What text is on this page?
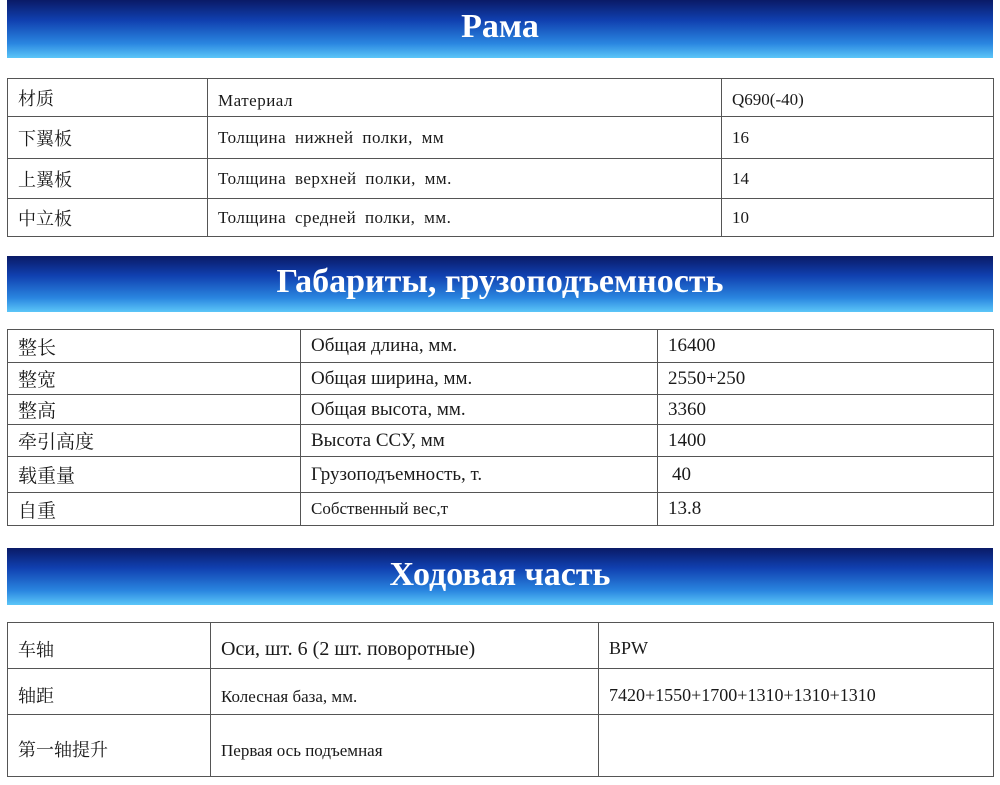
Рама
材质	Материал	Q690(-40)
下翼板	Толщина нижней полки, мм	16
上翼板	Толщина верхней полки, мм.	14
中立板	Толщина средней полки, мм.	10
Габариты, грузоподъемность
整长	Общая длина, мм.	16400
整宽	Общая ширина, мм.	2550+250
整高	Общая высота, мм.	3360
牵引高度	Высота ССУ, мм	1400
载重量	Грузоподъемность, т.	40
自重	Собственный вес,т	13.8
Ходовая часть
车轴	Оси, шт. 6 (2 шт. поворотные)	BPW
轴距	Колесная база, мм.	7420+1550+1700+1310+1310+1310
第一轴提升	Первая ось подъемная	
